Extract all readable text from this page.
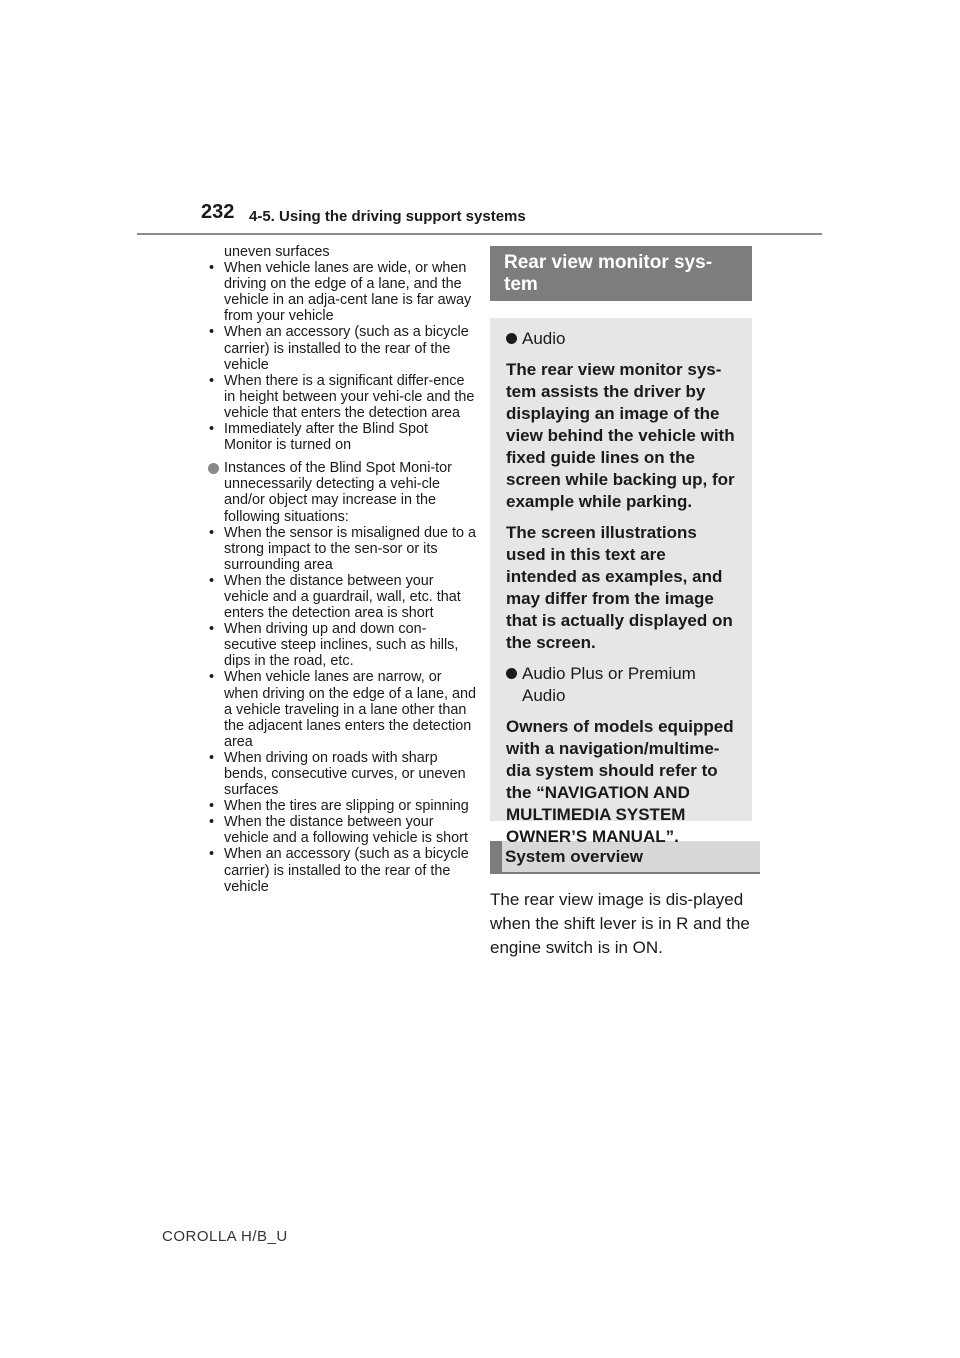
232 4-5. Using the driving support systems
uneven surfaces
• When vehicle lanes are wide, or when driving on the edge of a lane, and the vehicle in an adja-cent lane is far away from your vehicle
• When an accessory (such as a bicycle carrier) is installed to the rear of the vehicle
• When there is a significant differ-ence in height between your vehi-cle and the vehicle that enters the detection area
• Immediately after the Blind Spot Monitor is turned on
Instances of the Blind Spot Moni-tor unnecessarily detecting a vehi-cle and/or object may increase in the following situations:
• When the sensor is misaligned due to a strong impact to the sen-sor or its surrounding area
• When the distance between your vehicle and a guardrail, wall, etc. that enters the detection area is short
• When driving up and down con-secutive steep inclines, such as hills, dips in the road, etc.
• When vehicle lanes are narrow, or when driving on the edge of a lane, and a vehicle traveling in a lane other than the adjacent lanes enters the detection area
• When driving on roads with sharp bends, consecutive curves, or uneven surfaces
• When the tires are slipping or spinning
• When the distance between your vehicle and a following vehicle is short
• When an accessory (such as a bicycle carrier) is installed to the rear of the vehicle
Rear view monitor sys-tem
Audio

The rear view monitor sys-tem assists the driver by displaying an image of the view behind the vehicle with fixed guide lines on the screen while backing up, for example while parking.

The screen illustrations used in this text are intended as examples, and may differ from the image that is actually displayed on the screen.

Audio Plus or Premium Audio

Owners of models equipped with a navigation/multime-dia system should refer to the “NAVIGATION AND MULTIMEDIA SYSTEM OWNER’S MANUAL”.

System overview
The rear view image is dis-played when the shift lever is in R and the engine switch is in ON.
COROLLA H/B_U
